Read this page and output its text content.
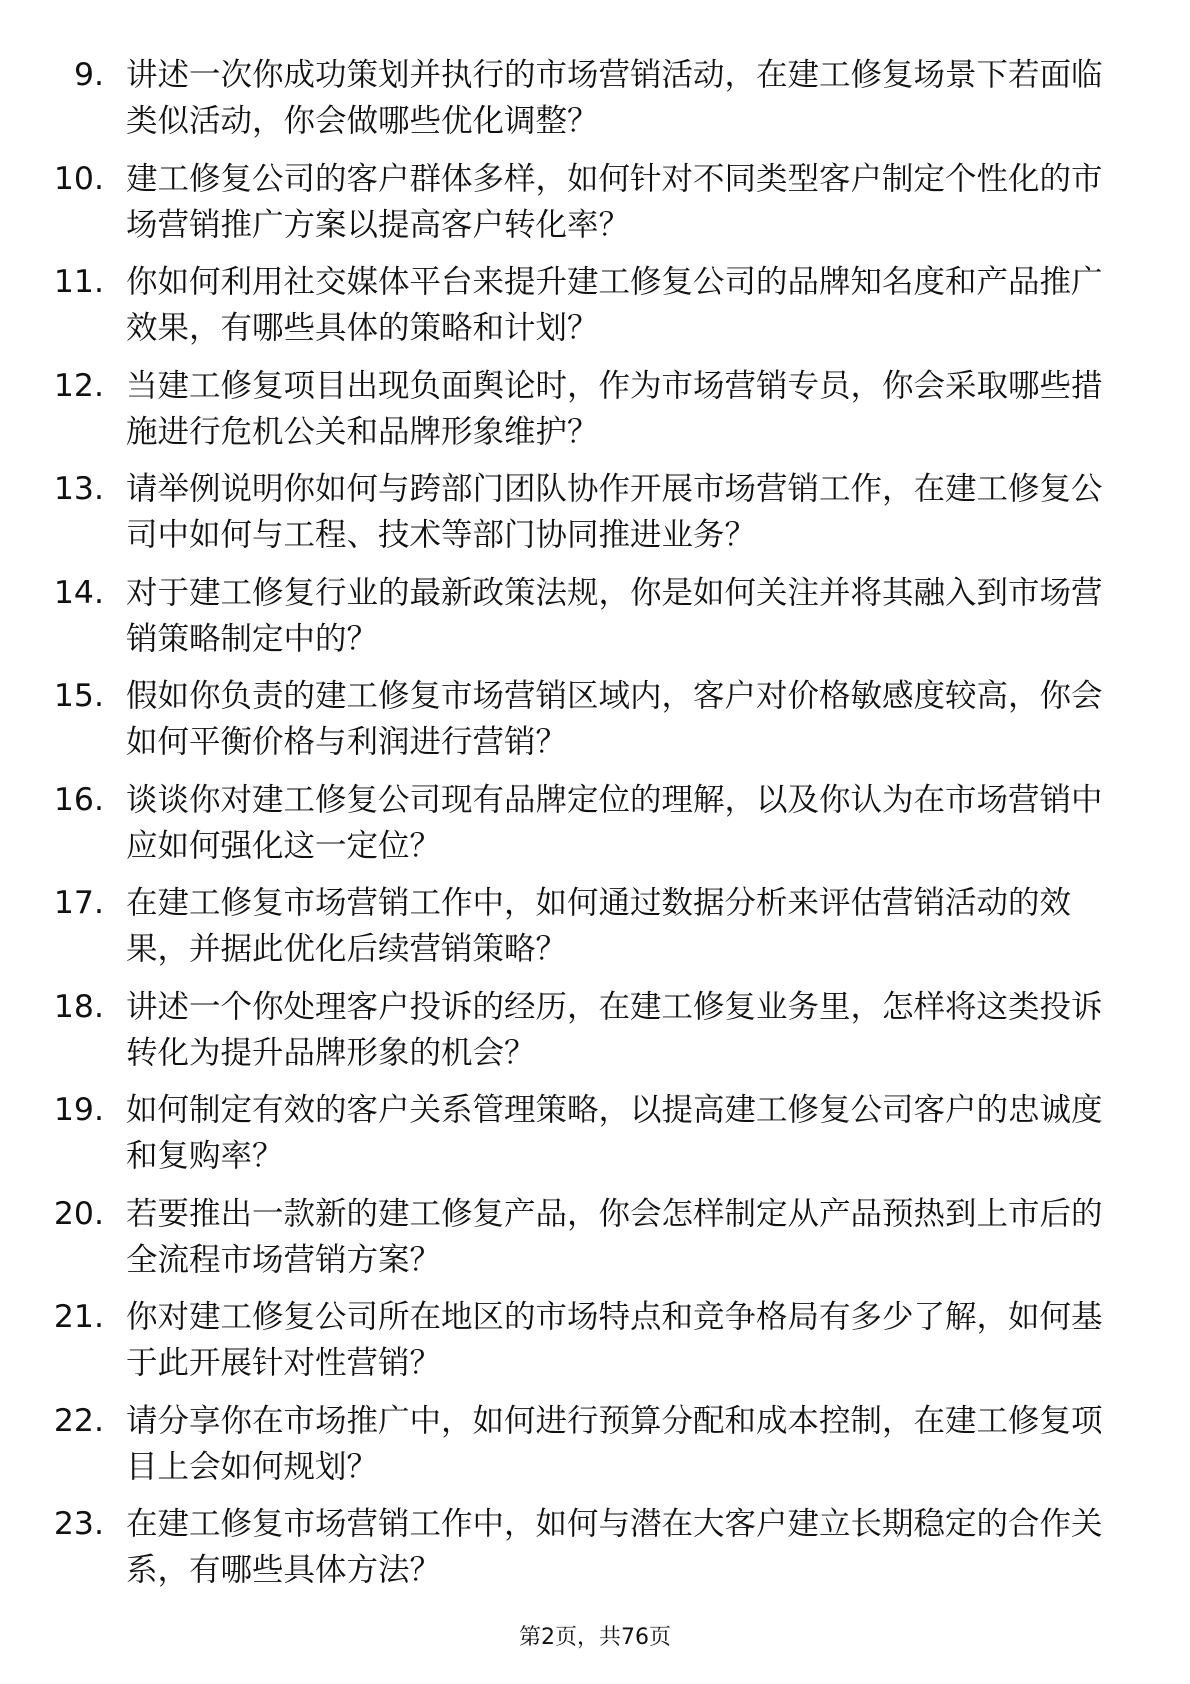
9. 讲述一次你成功策划并执行的市场营销活动，在建工修复场景下若面临类似活动，你会做哪些优化调整？
10. 建工修复公司的客户群体多样，如何针对不同类型客户制定个性化的市场营销推广方案以提高客户转化率？
11. 你如何利用社交媒体平台来提升建工修复公司的品牌知名度和产品推广效果，有哪些具体的策略和计划？
12. 当建工修复项目出现负面舆论时，作为市场营销专员，你会采取哪些措施进行危机公关和品牌形象维护？
13. 请举例说明你如何与跨部门团队协作开展市场营销工作，在建工修复公司中如何与工程、技术等部门协同推进业务？
14. 对于建工修复行业的最新政策法规，你是如何关注并将其融入到市场营销策略制定中的？
15. 假如你负责的建工修复市场营销区域内，客户对价格敏感度较高，你会如何平衡价格与利润进行营销？
16. 谈谈你对建工修复公司现有品牌定位的理解，以及你认为在市场营销中应如何强化这一定位？
17. 在建工修复市场营销工作中，如何通过数据分析来评估营销活动的效果，并据此优化后续营销策略？
18. 讲述一个你处理客户投诉的经历，在建工修复业务里，怎样将这类投诉转化为提升品牌形象的机会？
19. 如何制定有效的客户关系管理策略，以提高建工修复公司客户的忠诚度和复购率？
20. 若要推出一款新的建工修复产品，你会怎样制定从产品预热到上市后的全流程市场营销方案？
21. 你对建工修复公司所在地区的市场特点和竞争格局有多少了解，如何基于此开展针对性营销？
22. 请分享你在市场推广中，如何进行预算分配和成本控制，在建工修复项目上会如何规划？
23. 在建工修复市场营销工作中，如何与潜在大客户建立长期稳定的合作关系，有哪些具体方法？
第2页，共76页
